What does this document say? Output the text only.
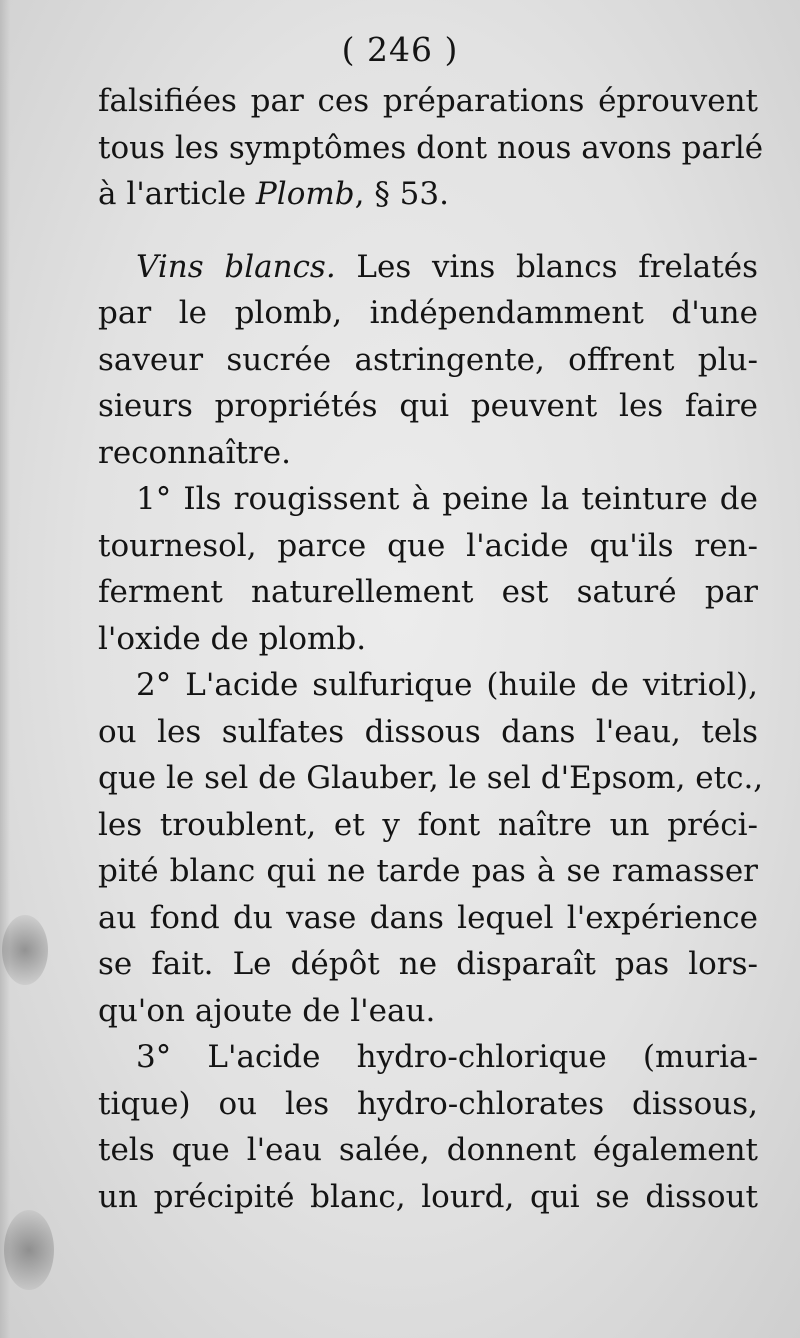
( 246 )
falsifiées par ces préparations éprouvent
tous les symptômes dont nous avons parlé
à l'article Plomb, § 53.
Vins blancs. Les vins blancs frelatés
par le plomb, indépendamment d'une
saveur sucrée astringente, offrent plu-
sieurs propriétés qui peuvent les faire
reconnaître.
1° Ils rougissent à peine la teinture de
tournesol, parce que l'acide qu'ils ren-
ferment naturellement est saturé par
l'oxide de plomb.
2° L'acide sulfurique (huile de vitriol),
ou les sulfates dissous dans l'eau, tels
que le sel de Glauber, le sel d'Epsom, etc.,
les troublent, et y font naître un préci-
pité blanc qui ne tarde pas à se ramasser
au fond du vase dans lequel l'expérience
se fait. Le dépôt ne disparaît pas lors-
qu'on ajoute de l'eau.
3° L'acide hydro-chlorique (muria-
tique) ou les hydro-chlorates dissous,
tels que l'eau salée, donnent également
un précipité blanc, lourd, qui se dissout
